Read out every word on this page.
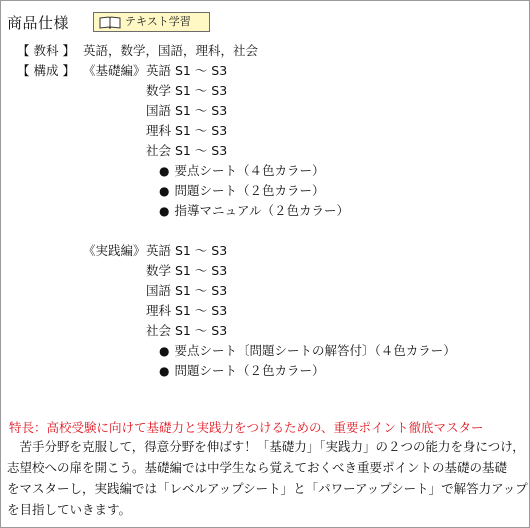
商品仕様	テキスト学習
【 教科 】 英語，数学，国語，理科，社会
【 構成 】 《基礎編》 英語 S1 ～ S3
数学 S1 ～ S3
国語 S1 ～ S3
理科 S1 ～ S3
社会 S1 ～ S3
● 要点シート（４色カラー）
● 問題シート（２色カラー）
● 指導マニュアル（２色カラー）
《実践編》 英語 S1 ～ S3
数学 S1 ～ S3
国語 S1 ～ S3
理科 S1 ～ S3
社会 S1 ～ S3
● 要点シート〔問題シートの解答付〕（４色カラー）
● 問題シート（２色カラー）
特長：高校受験に向けて基礎力と実践力をつけるための、重要ポイント徹底マスター
　苦手分野を克服して，得意分野を伸ばす！「基礎力」「実践力」の２つの能力を身につけ，
志望校への扉を開こう。基礎編では中学生なら覚えておくべき重要ポイントの基礎の基礎
をマスターし，実践編では「レベルアップシート」と「パワーアップシート」で解答力アップ
を目指していきます。
